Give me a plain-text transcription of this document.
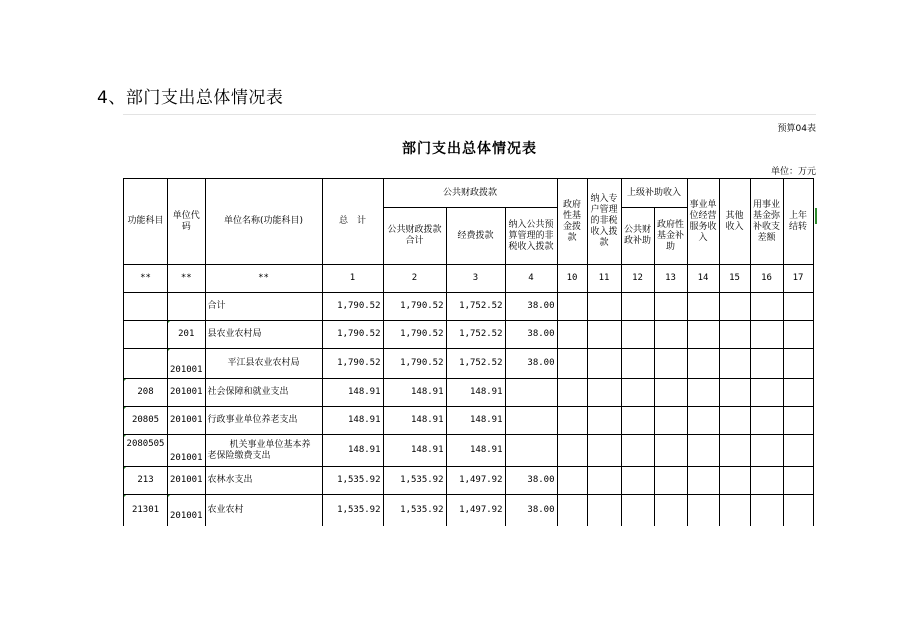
4、部门支出总体情况表
预算04表
部门支出总体情况表
单位：万元
功能科目	单位代码	单位名称(功能科目)	总　计	公共财政拨款			政府性基金拨款	纳入专户管理的非税收入拨款	上级补助收入		事业单位经营服务收入	其他收入	用事业基金弥补收支差额	上年结转
				公共财政拨款合计	经费拨款	纳入公共预算管理的非税收入拨款			公共财政补助	政府性基金补助				
**	**	**	1	2	3	4	10	11	12	13	14	15	16	17
		合计	1,790.52	1,790.52	1,752.52	38.00								
	201	县农业农村局	1,790.52	1,790.52	1,752.52	38.00								
	201001	平江县农业农村局	1,790.52	1,790.52	1,752.52	38.00								
208	201001	社会保障和就业支出	148.91	148.91	148.91									
20805	201001	行政事业单位养老支出	148.91	148.91	148.91									
2080505	201001	机关事业单位基本养
老保险缴费支出	148.91	148.91	148.91									
213	201001	农林水支出	1,535.92	1,535.92	1,497.92	38.00								
21301	201001	农业农村	1,535.92	1,535.92	1,497.92	38.00								
